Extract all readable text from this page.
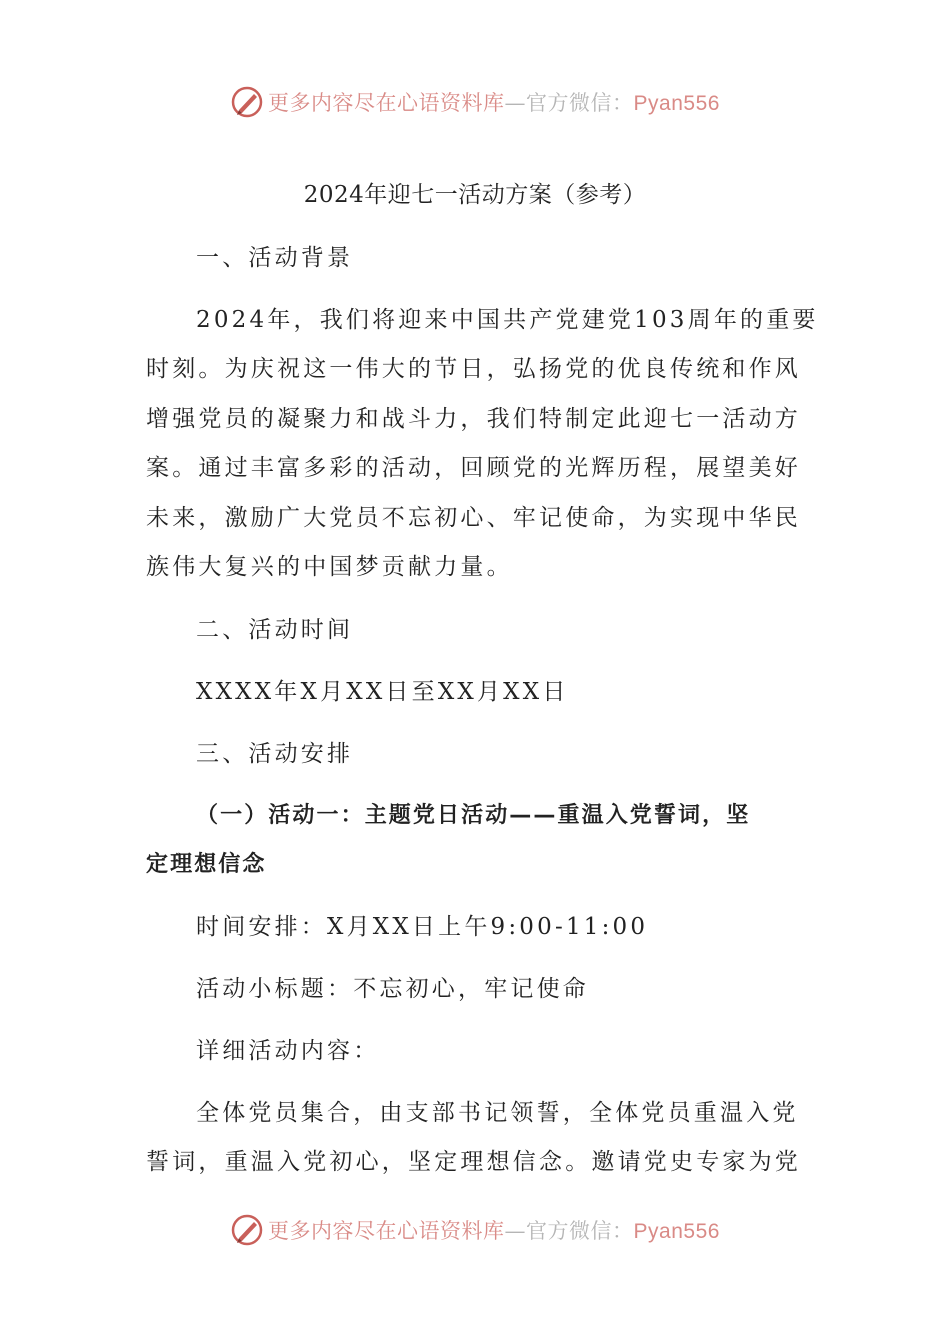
更多内容尽在心语资料库—官方微信：Pyan556
2024年迎七一活动方案（参考）
一、活动背景
2024年，我们将迎来中国共产党建党103周年的重要
时刻。为庆祝这一伟大的节日，弘扬党的优良传统和作风
增强党员的凝聚力和战斗力，我们特制定此迎七一活动方
案。通过丰富多彩的活动，回顾党的光辉历程，展望美好
未来，激励广大党员不忘初心、牢记使命，为实现中华民
族伟大复兴的中国梦贡献力量。
二、活动时间
XXXX年X月XX日至XX月XX日
三、活动安排
（一）活动一：主题党日活动——重温入党誓词，坚
定理想信念
时间安排：X月XX日上午9:00-11:00
活动小标题：不忘初心，牢记使命
详细活动内容：
全体党员集合，由支部书记领誓，全体党员重温入党
誓词，重温入党初心，坚定理想信念。邀请党史专家为党
更多内容尽在心语资料库—官方微信：Pyan556
